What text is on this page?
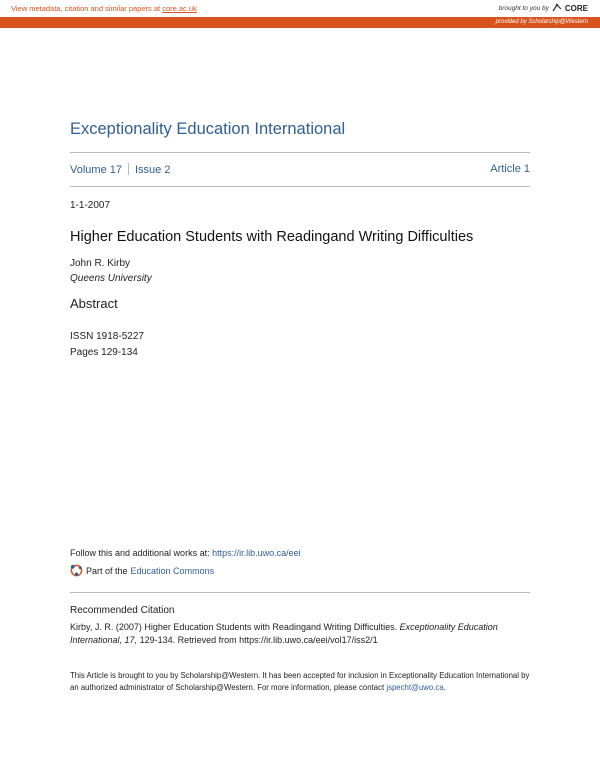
View metadata, citation and similar papers at core.ac.uk	brought to you by CORE
provided by Scholarship@Western
Exceptionality Education International
Volume 17 Issue 2	Article 1
1-1-2007
Higher Education Students with Readingand Writing Difficulties
John R. Kirby
Queens University
Abstract
ISSN 1918-5227
Pages 129-134
Follow this and additional works at: https://ir.lib.uwo.ca/eei
Part of the Education Commons
Recommended Citation
Kirby, J. R. (2007) Higher Education Students with Readingand Writing Difficulties. Exceptionality Education International, 17, 129-134. Retrieved from https://ir.lib.uwo.ca/eei/vol17/iss2/1
This Article is brought to you by Scholarship@Western. It has been accepted for inclusion in Exceptionality Education International by an authorized administrator of Scholarship@Western. For more information, please contact jspecht@uwo.ca.
